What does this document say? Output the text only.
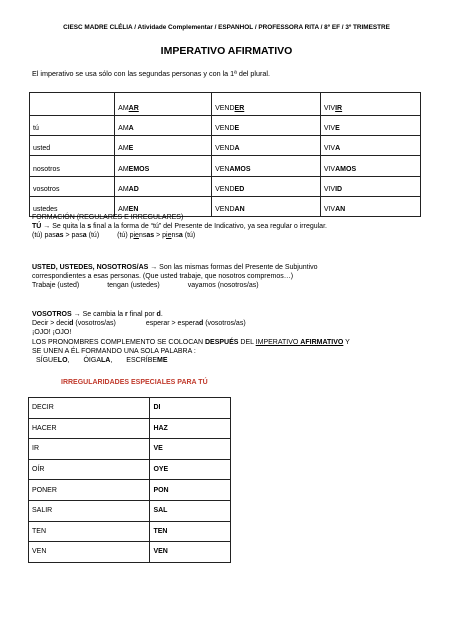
CIESC MADRE CLÉLIA / Atividade Complementar / ESPANHOL / PROFESSORA RITA / 8º EF / 3º TRIMESTRE
IMPERATIVO AFIRMATIVO
El imperativo se usa sólo con las segundas personas y con la 1ª del plural.
	AMAR	VENDER	VIVIR
tú	AMA	VENDE	VIVE
usted	AME	VENDA	VIVA
nosotros	AMEMOS	VENAMOS	VIVAMOS
vosotros	AMAD	VENDED	VIVID
ustedes	AMEN	VENDAN	VIVAN
FORMACIÓN (REGULARES E IRREGULARES)
TÚ → Se quita la s final a la forma de “tú” del Presente de Indicativo, ya sea regular o irregular.
(tú) pasas > pasa (tú)	(tú) piensas > piensa (tú)
USTED, USTEDES, NOSOTROS/AS → Son las mismas formas del Presente de Subjuntivo
correspondientes a esas personas. (Que usted trabaje, que nosotros compremos…)
Trabaje (usted)	tengan (ustedes)	vayamos (nosotros/as)
VOSOTROS → Se cambia la r final por d.
Decir > decid (vosotros/as)	esperar > esperad (vosotros/as)
¡OJO! ¡OJO!
LOS PRONOMBRES COMPLEMENTO SE COLOCAN DESPUÉS DEL IMPERATIVO AFIRMATIVO Y
SE UNEN A ÉL FORMANDO UNA SOLA PALABRA :
SÍGUELO, ÓIGALA, ESCRÍBEME
IRREGULARIDADES ESPECIALES PARA TÚ
DECIR	DI
HACER	HAZ
IR	VE
OÍR	OYE
PONER	PON
SALIR	SAL
TEN	TEN
VEN	VEN
